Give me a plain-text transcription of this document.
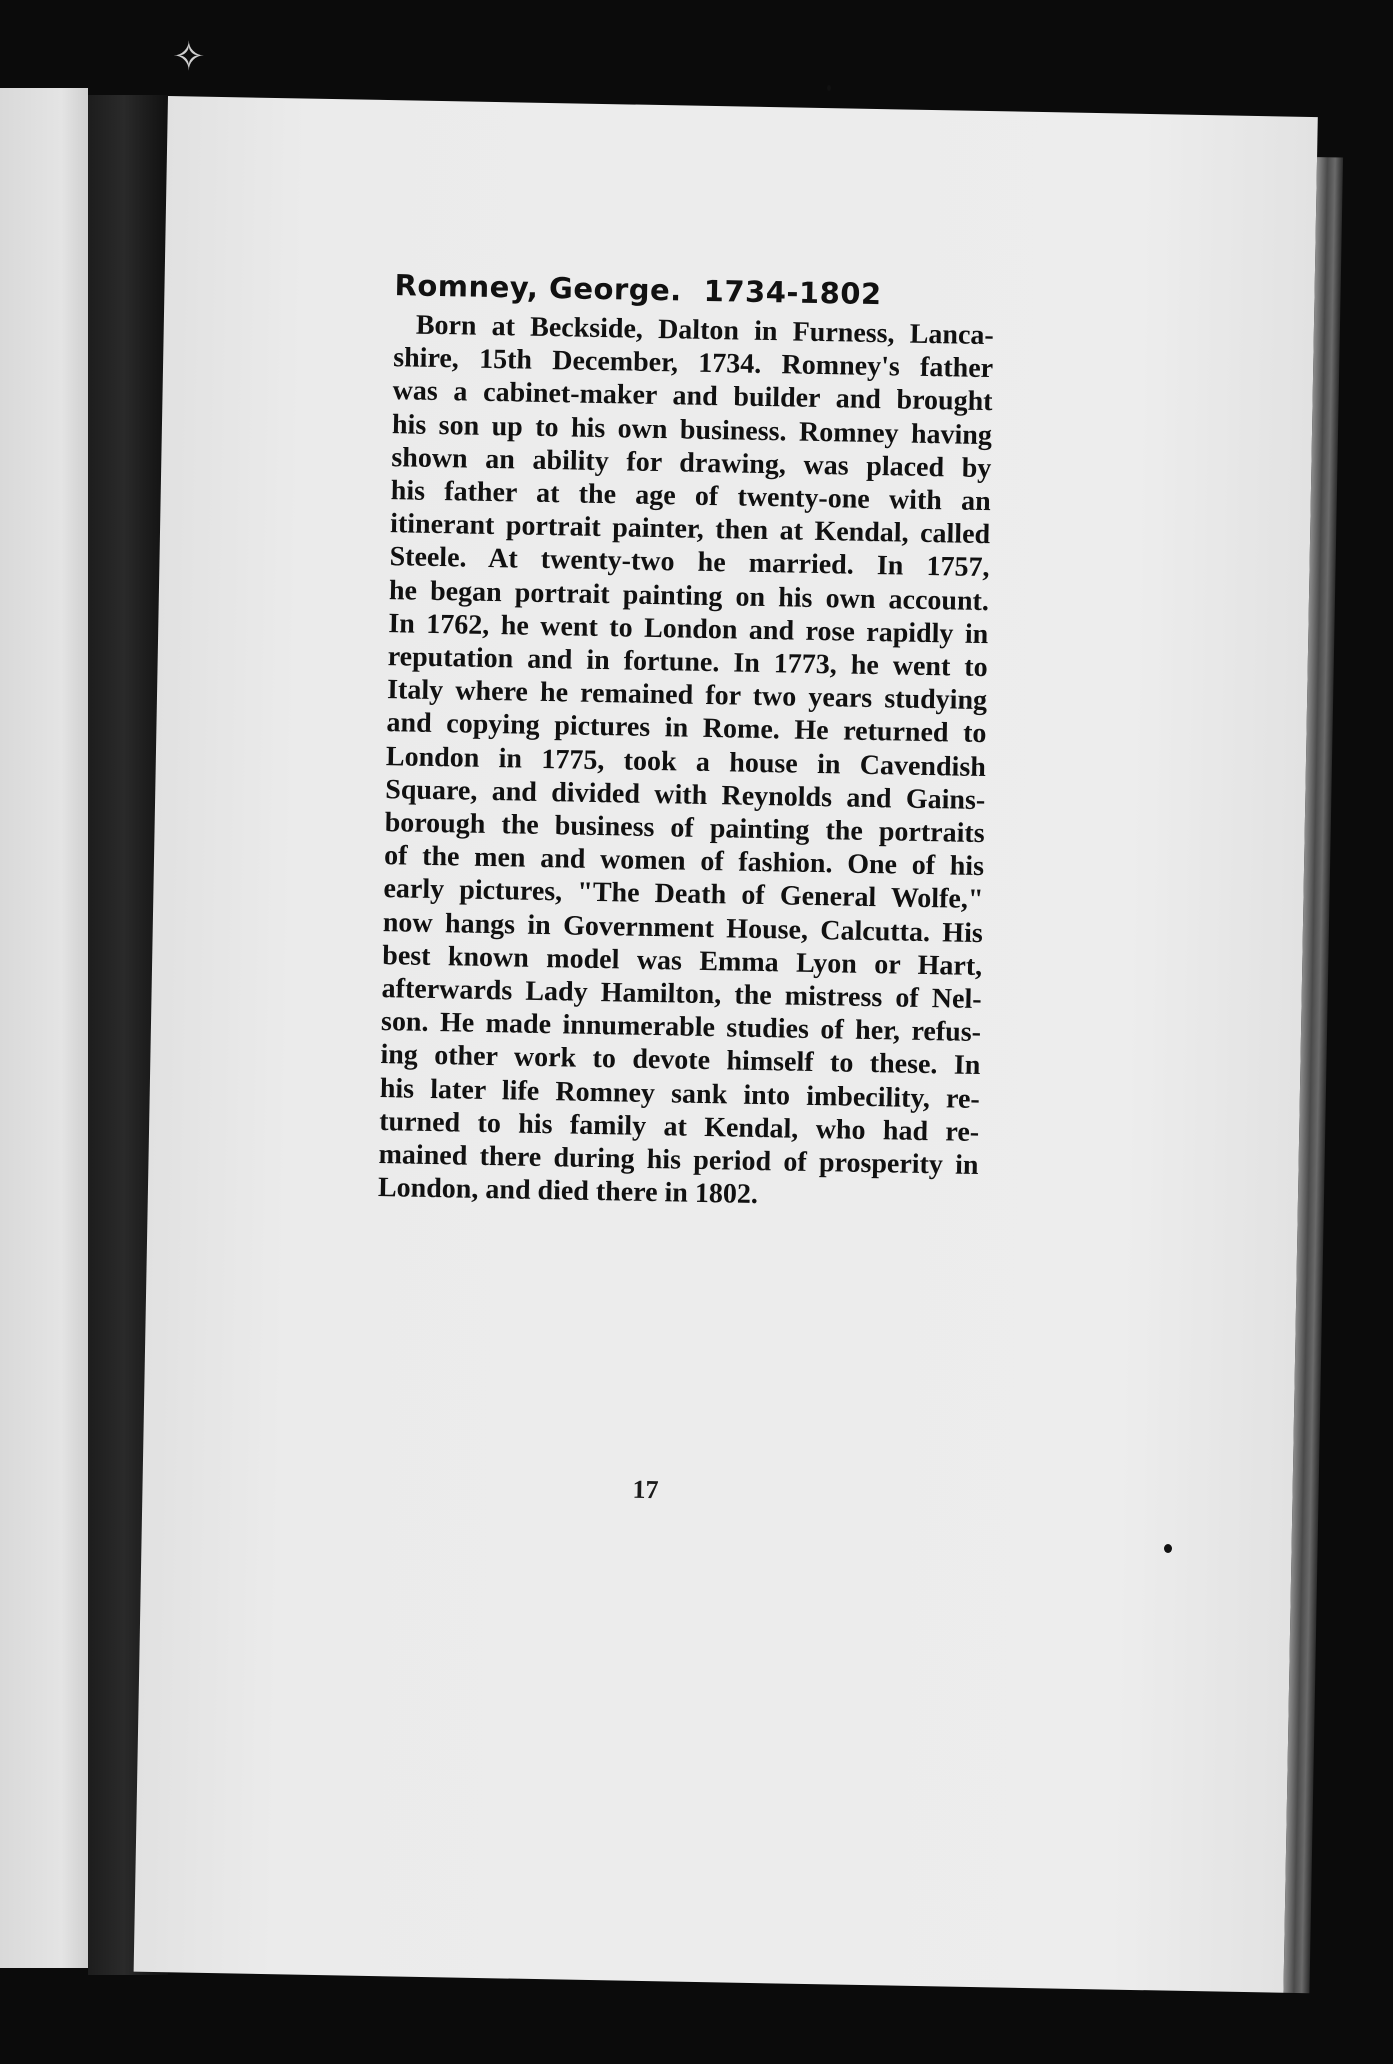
✧
Romney, George. 1734-1802
Born at Beckside, Dalton in Furness, Lanca-
shire, 15th December, 1734. Romney's father
was a cabinet-maker and builder and brought
his son up to his own business. Romney having
shown an ability for drawing, was placed by
his father at the age of twenty-one with an
itinerant portrait painter, then at Kendal, called
Steele. At twenty-two he married. In 1757,
he began portrait painting on his own account.
In 1762, he went to London and rose rapidly in
reputation and in fortune. In 1773, he went to
Italy where he remained for two years studying
and copying pictures in Rome. He returned to
London in 1775, took a house in Cavendish
Square, and divided with Reynolds and Gains-
borough the business of painting the portraits
of the men and women of fashion. One of his
early pictures, "The Death of General Wolfe,"
now hangs in Government House, Calcutta. His
best known model was Emma Lyon or Hart,
afterwards Lady Hamilton, the mistress of Nel-
son. He made innumerable studies of her, refus-
ing other work to devote himself to these. In
his later life Romney sank into imbecility, re-
turned to his family at Kendal, who had re-
mained there during his period of prosperity in
London, and died there in 1802.
17
